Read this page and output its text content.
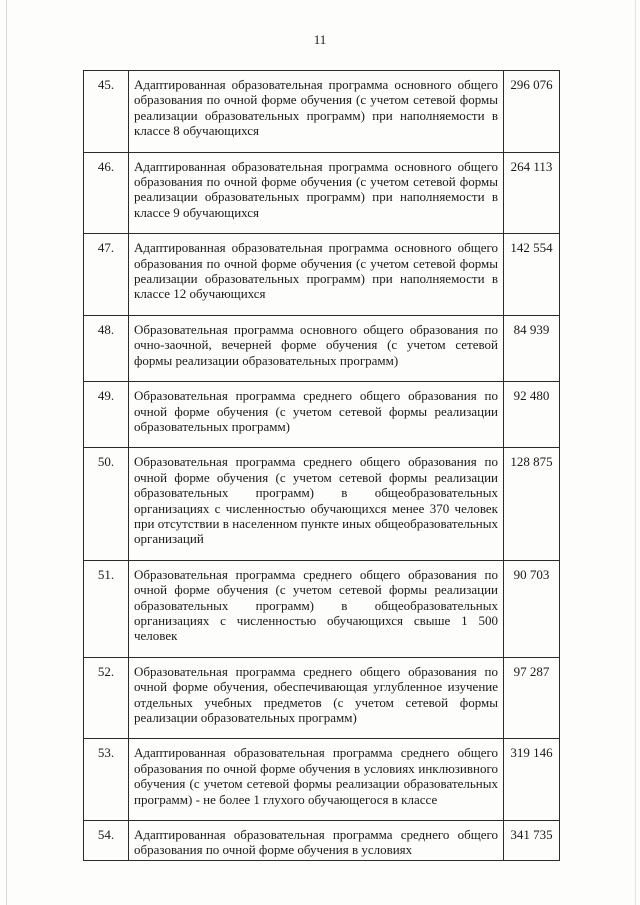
11
45.	Адаптированная образовательная программа основного общего образования по очной форме обучения (с учетом сетевой формы реализации образовательных программ) при наполняемости в классе 8 обучающихся	296 076
46.	Адаптированная образовательная программа основного общего образования по очной форме обучения (с учетом сетевой формы реализации образовательных программ) при наполняемости в классе 9 обучающихся	264 113
47.	Адаптированная образовательная программа основного общего образования по очной форме обучения (с учетом сетевой формы реализации образовательных программ) при наполняемости в классе 12 обучающихся	142 554
48.	Образовательная программа основного общего образования по очно-заочной, вечерней форме обучения (с учетом сетевой формы реализации образовательных программ)	84 939
49.	Образовательная программа среднего общего образования по очной форме обучения (с учетом сетевой формы реализации образовательных программ)	92 480
50.	Образовательная программа среднего общего образования по очной форме обучения (с учетом сетевой формы реализации образовательных программ) в общеобразовательных организациях с численностью обучающихся менее 370 человек при отсутствии в населенном пункте иных общеобразовательных организаций	128 875
51.	Образовательная программа среднего общего образования по очной форме обучения (с учетом сетевой формы реализации образовательных программ) в общеобразовательных организациях с численностью обучающихся свыше 1 500 человек	90 703
52.	Образовательная программа среднего общего образования по очной форме обучения, обеспечивающая углубленное изучение отдельных учебных предметов (с учетом сетевой формы реализации образовательных программ)	97 287
53.	Адаптированная образовательная программа среднего общего образования по очной форме обучения в условиях инклюзивного обучения (с учетом сетевой формы реализации образовательных программ) - не более 1 глухого обучающегося в классе	319 146
54.	Адаптированная образовательная программа среднего общего образования по очной форме обучения в условиях	341 735
